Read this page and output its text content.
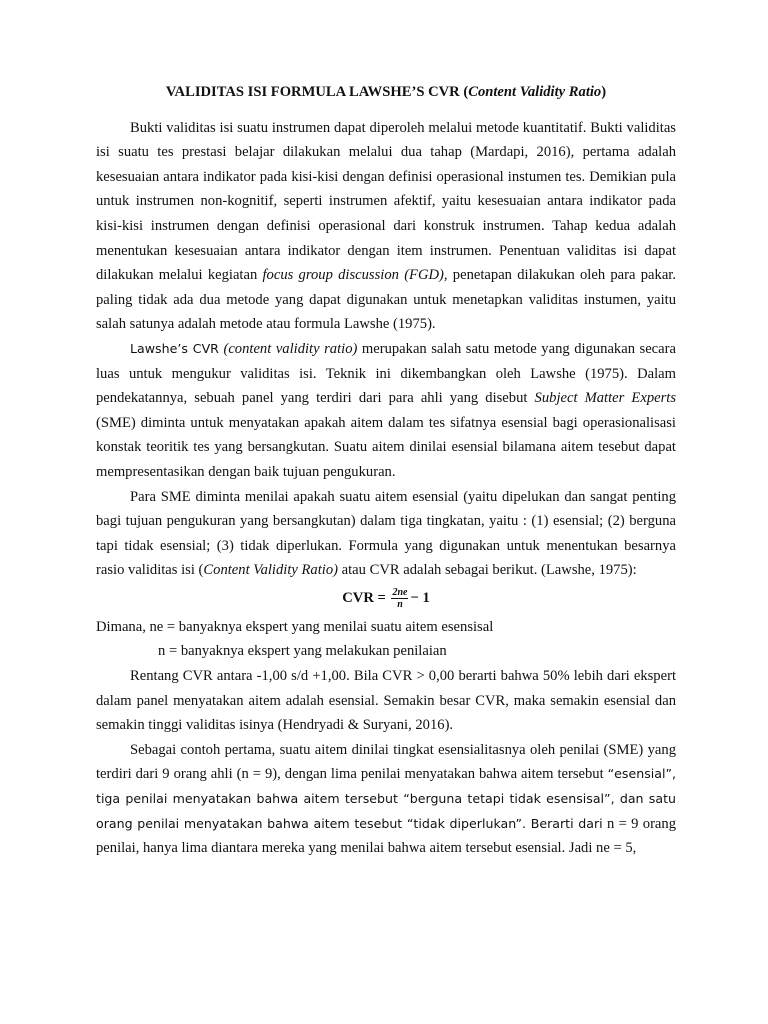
VALIDITAS ISI FORMULA LAWSHE’S CVR (Content Validity Ratio)

Bukti validitas isi suatu instrumen dapat diperoleh melalui metode kuantitatif. Bukti validitas isi suatu tes prestasi belajar dilakukan melalui dua tahap (Mardapi, 2016), pertama adalah kesesuaian antara indikator pada kisi-kisi dengan definisi operasional instumen tes. Demikian pula untuk instrumen non-kognitif, seperti instrumen afektif, yaitu kesesuaian antara indikator pada kisi-kisi instrumen dengan definisi operasional dari konstruk instrumen. Tahap kedua adalah menentukan kesesuaian antara indikator dengan item instrumen. Penentuan validitas isi dapat dilakukan melalui kegiatan focus group discussion (FGD), penetapan dilakukan oleh para pakar. paling tidak ada dua metode yang dapat digunakan untuk menetapkan validitas instumen, yaitu salah satunya adalah metode atau formula Lawshe (1975).

Lawshe’s CVR (content validity ratio) merupakan salah satu metode yang digunakan secara luas untuk mengukur validitas isi. Teknik ini dikembangkan oleh Lawshe (1975). Dalam pendekatannya, sebuah panel yang terdiri dari para ahli yang disebut Subject Matter Experts (SME) diminta untuk menyatakan apakah aitem dalam tes sifatnya esensial bagi operasionalisasi konstak teoritik tes yang bersangkutan. Suatu aitem dinilai esensial bilamana aitem tesebut dapat mempresentasikan dengan baik tujuan pengukuran.

Para SME diminta menilai apakah suatu aitem esensial (yaitu dipelukan dan sangat penting bagi tujuan pengukuran yang bersangkutan) dalam tiga tingkatan, yaitu : (1) esensial; (2) berguna tapi tidak esensial; (3) tidak diperlukan. Formula yang digunakan untuk menentukan besarnya rasio validitas isi (Content Validity Ratio) atau CVR adalah sebagai berikut. (Lawshe, 1975):

CVR = $\frac{2ne}{n} - 1$

Dimana, ne = banyaknya ekspert yang menilai suatu aitem esensisal

n = banyaknya ekspert yang melakukan penilaian

Rentang CVR antara -1,00 s/d +1,00. Bila CVR > 0,00 berarti bahwa 50% lebih dari ekspert dalam panel menyatakan aitem adalah esensial. Semakin besar CVR, maka semakin esensial dan semakin tinggi validitas isinya (Hendryadi & Suryani, 2016).

Sebagai contoh pertama, suatu aitem dinilai tingkat esensialitasnya oleh penilai (SME) yang terdiri dari 9 orang ahli (n = 9), dengan lima penilai menyatakan bahwa aitem tersebut “esensial”, tiga penilai menyatakan bahwa aitem tersebut “berguna tetapi tidak esensisal”, dan satu orang penilai menyatakan bahwa aitem tesebut “tidak diperlukan”. Berarti dari n = 9 orang penilai, hanya lima diantara mereka yang menilai bahwa aitem tersebut esensial. Jadi ne = 5,
